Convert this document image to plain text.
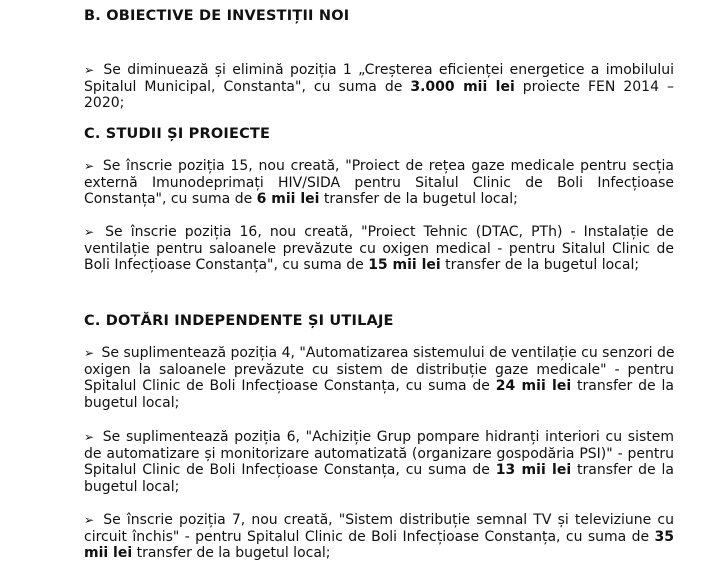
B. OBIECTIVE DE INVESTIȚII NOI
➢ Se diminuează și elimină poziția 1 „Creșterea eficienței energetice a imobilului
Spitalul Municipal, Constanta", cu suma de 3.000 mii lei proiecte FEN 2014 –
2020;
C. STUDII ȘI PROIECTE
➢ Se înscrie poziția 15, nou creată, "Proiect de rețea gaze medicale pentru secția
externă Imunodeprimați HIV/SIDA pentru Sitalul Clinic de Boli Infecțioase
Constanța", cu suma de 6 mii lei transfer de la bugetul local;
➢ Se înscrie poziția 16, nou creată, "Proiect Tehnic (DTAC, PTh) - Instalație de
ventilație pentru saloanele prevăzute cu oxigen medical - pentru Sitalul Clinic de
Boli Infecțioase Constanța", cu suma de 15 mii lei transfer de la bugetul local;
C. DOTĂRI INDEPENDENTE ȘI UTILAJE
➢ Se suplimentează poziția 4, "Automatizarea sistemului de ventilație cu senzori de
oxigen la saloanele prevăzute cu sistem de distribuție gaze medicale" - pentru
Spitalul Clinic de Boli Infecțioase Constanța, cu suma de 24 mii lei transfer de la
bugetul local;
➢ Se suplimentează poziția 6, "Achiziție Grup pompare hidranți interiori cu sistem
de automatizare și monitorizare automatizată (organizare gospodăria PSI)" - pentru
Spitalul Clinic de Boli Infecțioase Constanța, cu suma de 13 mii lei transfer de la
bugetul local;
➢ Se înscrie poziția 7, nou creată, "Sistem distribuție semnal TV și televiziune cu
circuit închis" - pentru Spitalul Clinic de Boli Infecțioase Constanța, cu suma de 35
mii lei transfer de la bugetul local;
